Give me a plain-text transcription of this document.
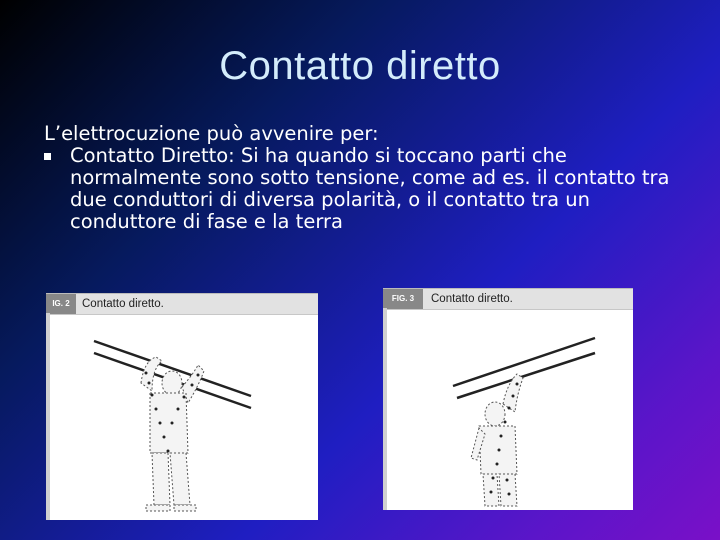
Contatto diretto

L’elettrocuzione può avvenire per:

Contatto Diretto: Si ha quando si toccano parti che normalmente sono sotto tensione, come ad es. il contatto tra due conduttori di diversa polarità, o il contatto tra un conduttore di fase e la terra
IG. 2	Contatto diretto.	FIG. 3	Contatto diretto.
